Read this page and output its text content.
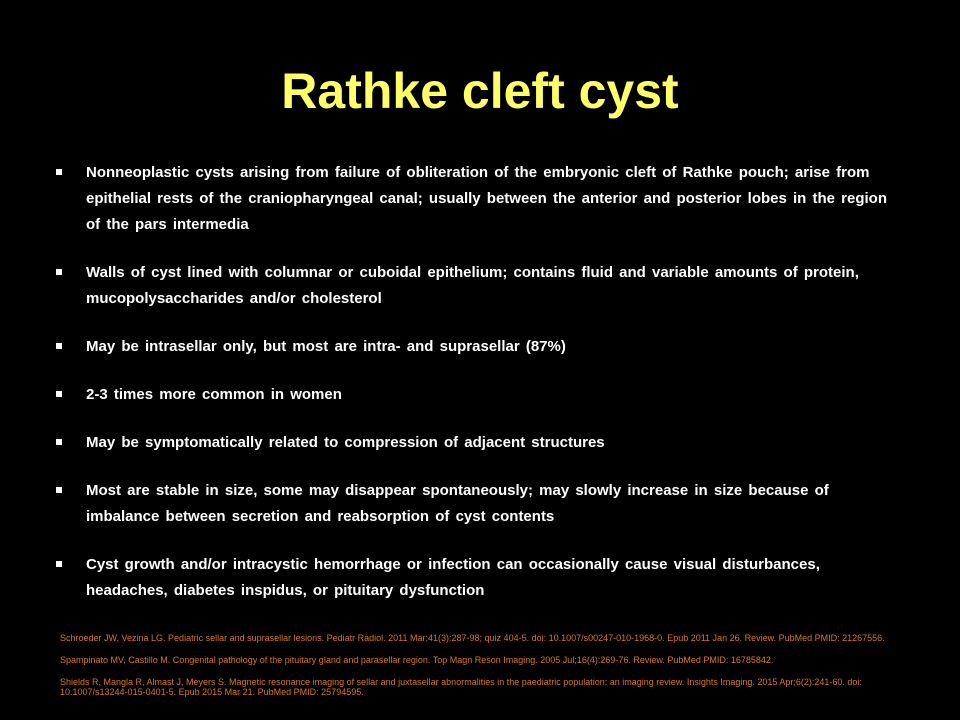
Rathke cleft cyst
Nonneoplastic cysts arising from failure of obliteration of the embryonic cleft of Rathke pouch; arise from epithelial rests of the craniopharyngeal canal; usually between the anterior and posterior lobes in the region of the pars intermedia
Walls of cyst lined with columnar or cuboidal epithelium; contains fluid and variable amounts of protein, mucopolysaccharides and/or cholesterol
May be intrasellar only, but most are intra- and suprasellar (87%)
2-3 times more common in women
May be symptomatically related to compression of adjacent structures
Most are stable in size, some may disappear spontaneously; may slowly increase in size because of imbalance between secretion and reabsorption of cyst contents
Cyst growth and/or intracystic hemorrhage or infection can occasionally cause visual disturbances, headaches, diabetes inspidus, or pituitary dysfunction
Schroeder JW, Vezina LG. Pediatric sellar and suprasellar lesions. Pediatr Radiol. 2011 Mar;41(3):287-98; quiz 404-5. doi: 10.1007/s00247-010-1968-0. Epub 2011 Jan 26. Review. PubMed PMID: 21267556.
Spampinato MV, Castillo M. Congenital pathology of the pituitary gland and parasellar region. Top Magn Reson Imaging. 2005 Jul;16(4):269-76. Review. PubMed PMID: 16785842.
Shields R, Mangla R, Almast J, Meyers S. Magnetic resonance imaging of sellar and juxtasellar abnormalities in the paediatric population: an imaging review. Insights Imaging. 2015 Apr;6(2):241-60. doi: 10.1007/s13244-015-0401-5. Epub 2015 Mar 21. PubMed PMID: 25794595.
